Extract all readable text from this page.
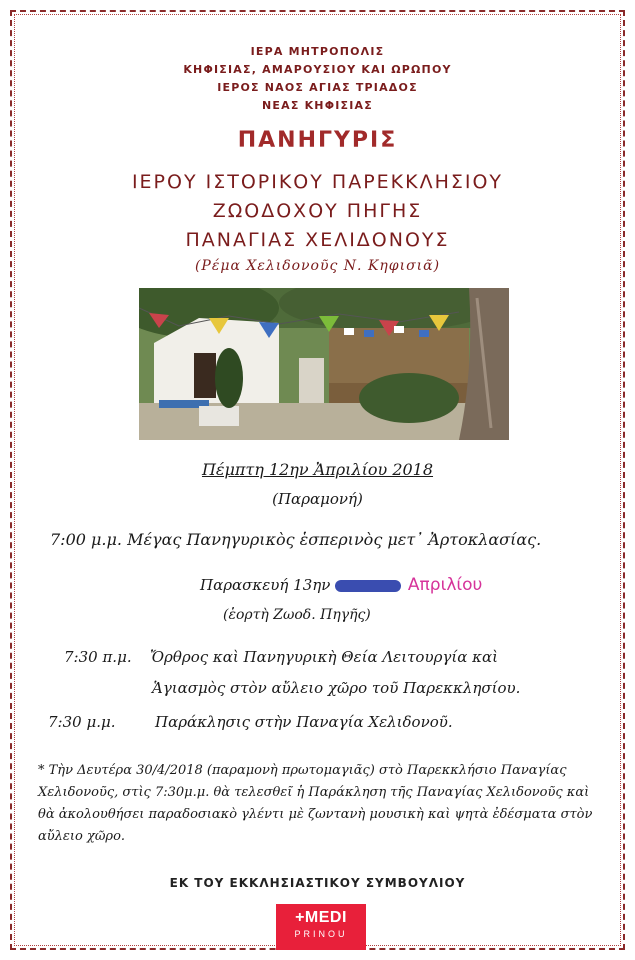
ΙΕΡΑ ΜΗΤΡΟΠΟΛΙΣ
ΚΗΦΙΣΙΑΣ, ΑΜΑΡΟΥΣΙΟΥ ΚΑΙ ΩΡΩΠΟΥ
ΙΕΡΟΣ ΝΑΟΣ ΑΓΙΑΣ ΤΡΙΑΔΟΣ
ΝΕΑΣ ΚΗΦΙΣΙΑΣ
ΠΑΝΗΓΥΡΙΣ
ΙΕΡΟΥ ΙΣΤΟΡΙΚΟΥ ΠΑΡΕΚΚΛΗΣΙΟΥ
ΖΩΟΔΟΧΟΥ ΠΗΓΗΣ
ΠΑΝΑΓΙΑΣ ΧΕΛΙΔΟΝΟΥΣ
(Ρέμα Χελιδονοῦς Ν. Κηφισιᾶ)
Πέμπτη 12ην Ἀπριλίου 2018
(Παραμονή)
7:00 μ.μ. Μέγας Πανηγυρικὸς ἑσπερινὸς μετ᾽ Ἀρτοκλασίας.
Παρασκευή 13ην	Απριλίου
(ἑορτὴ Ζωοδ. Πηγῆς)
7:30 π.μ. Ὄρθρος καὶ Πανηγυρικὴ Θεία Λειτουργία καὶ
Ἁγιασμὸς στὸν αὔλειο χῶρο τοῦ Παρεκκλησίου.
7:30 μ.μ.	Παράκλησις στὴν Παναγία Χελιδονοῦ.
* Τὴν Δευτέρα 30/4/2018 (παραμονὴ πρωτομαγιᾶς) στὸ Παρεκκλήσιο Παναγίας Χελιδονοῦς, στὶς 7:30μ.μ. θὰ τελεσθεῖ ἡ Παράκληση τῆς Παναγίας Χελιδονοῦς καὶ θὰ ἀκολουθήσει παραδοσιακὸ γλέντι μὲ ζωντανὴ μουσικὴ καὶ ψητὰ ἐδέσματα στὸν αὔλειο χῶρο.
ΕΚ ΤΟΥ ΕΚΚΛΗΣΙΑΣΤΙΚΟΥ ΣΥΜΒΟΥΛΙΟΥ
+MEDI
PRINOU
